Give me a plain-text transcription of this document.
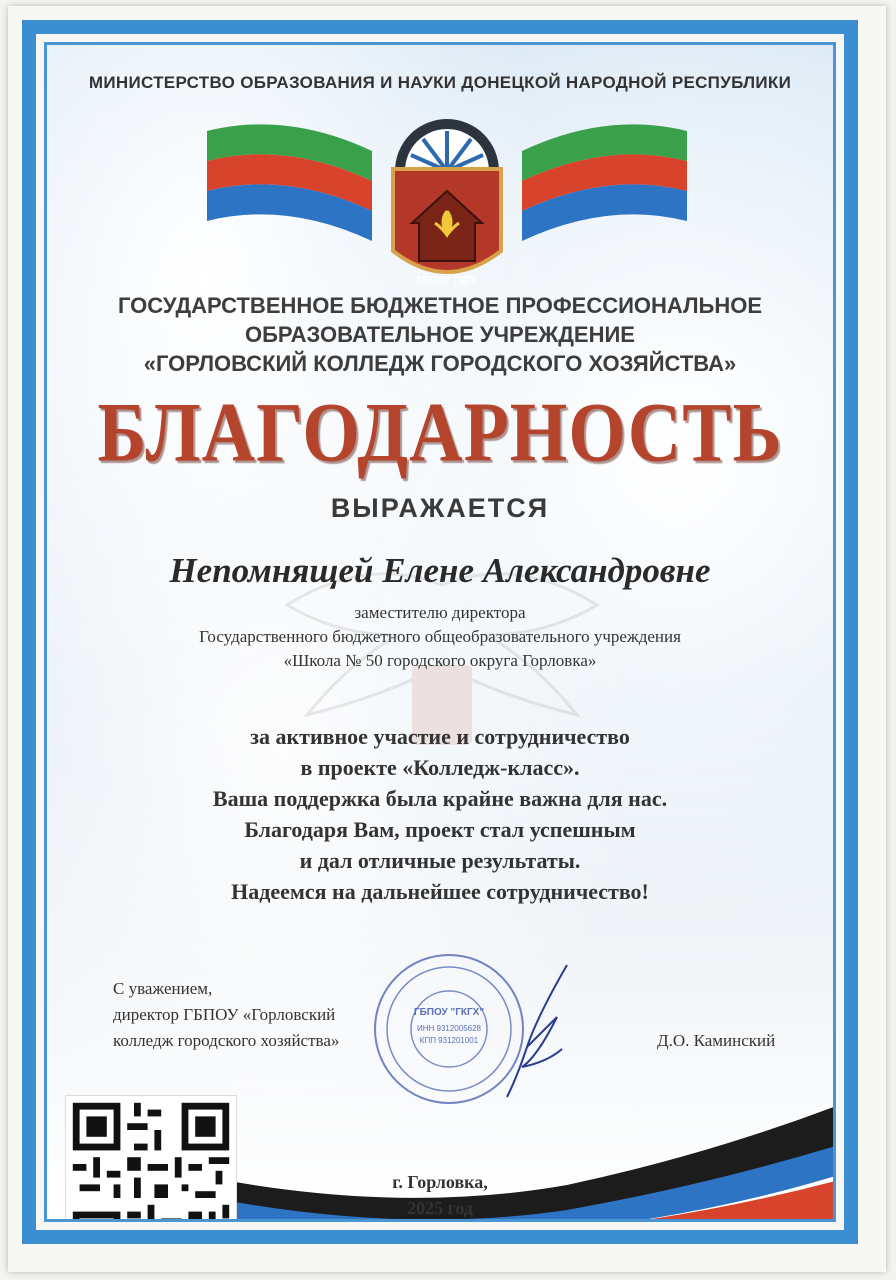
МИНИСТЕРСТВО ОБРАЗОВАНИЯ И НАУКИ ДОНЕЦКОЙ НАРОДНОЙ РЕСПУБЛИКИ
ГБПОУ ГКГХ
ГОСУДАРСТВЕННОЕ БЮДЖЕТНОЕ ПРОФЕССИОНАЛЬНОЕ
ОБРАЗОВАТЕЛЬНОЕ УЧРЕЖДЕНИЕ
«ГОРЛОВСКИЙ КОЛЛЕДЖ ГОРОДСКОГО ХОЗЯЙСТВА»
БЛАГОДАРНОСТЬ
ВЫРАЖАЕТСЯ
Непомнящей Елене Александровне
заместителю директора
Государственного бюджетного общеобразовательного учреждения
«Школа № 50 городского округа Горловка»
за активное участие и сотрудничество
в проекте «Колледж-класс».
Ваша поддержка была крайне важна для нас.
Благодаря Вам, проект стал успешным
и дал отличные результаты.
Надеемся на дальнейшее сотрудничество!
С уважением,
директор ГБПОУ «Горловский
колледж городского хозяйства»	Д.О. Каминский
ГБПОУ "ГКГХ"
ИНН 9312005628
КПП 931201001
г. Горловка,
2025 год
